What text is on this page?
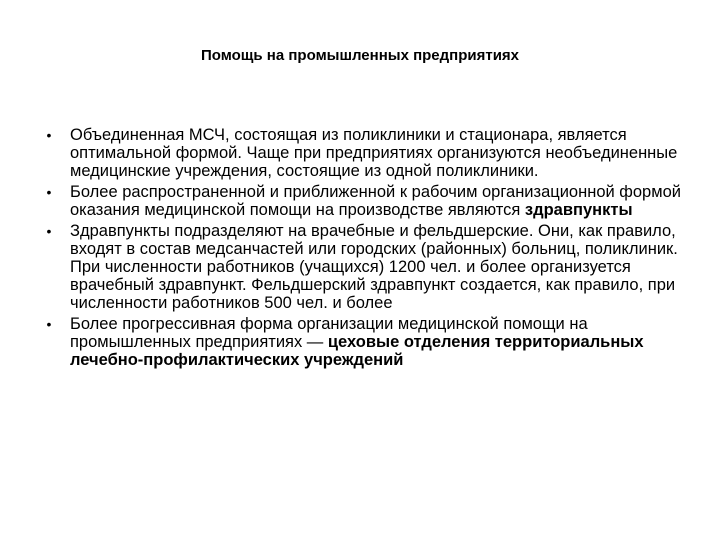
Помощь на промышленных предприятиях
• Объединенная МСЧ, состоящая из поликлиники и стационара, является оптимальной формой. Чаще при предприятиях организуются необъединенные медицинские учреждения, состоящие из одной поликлиники.
• Более распространенной и приближенной к рабочим организационной формой оказания медицинской помощи на производстве являются здравпункты
• Здравпункты подразделяют на врачебные и фельдшерские. Они, как правило, входят в состав медсанчастей или городских (районных) больниц, поликлиник. При численности работников (учащихся) 1200 чел. и более организуется врачебный здравпункт. Фельдшерский здравпункт создается, как правило, при численности работников 500 чел. и более
• Более прогрессивная форма организации медицинской помощи на промышленных предприятиях — цеховые отделения территориальных лечебно-профилактических учреждений
